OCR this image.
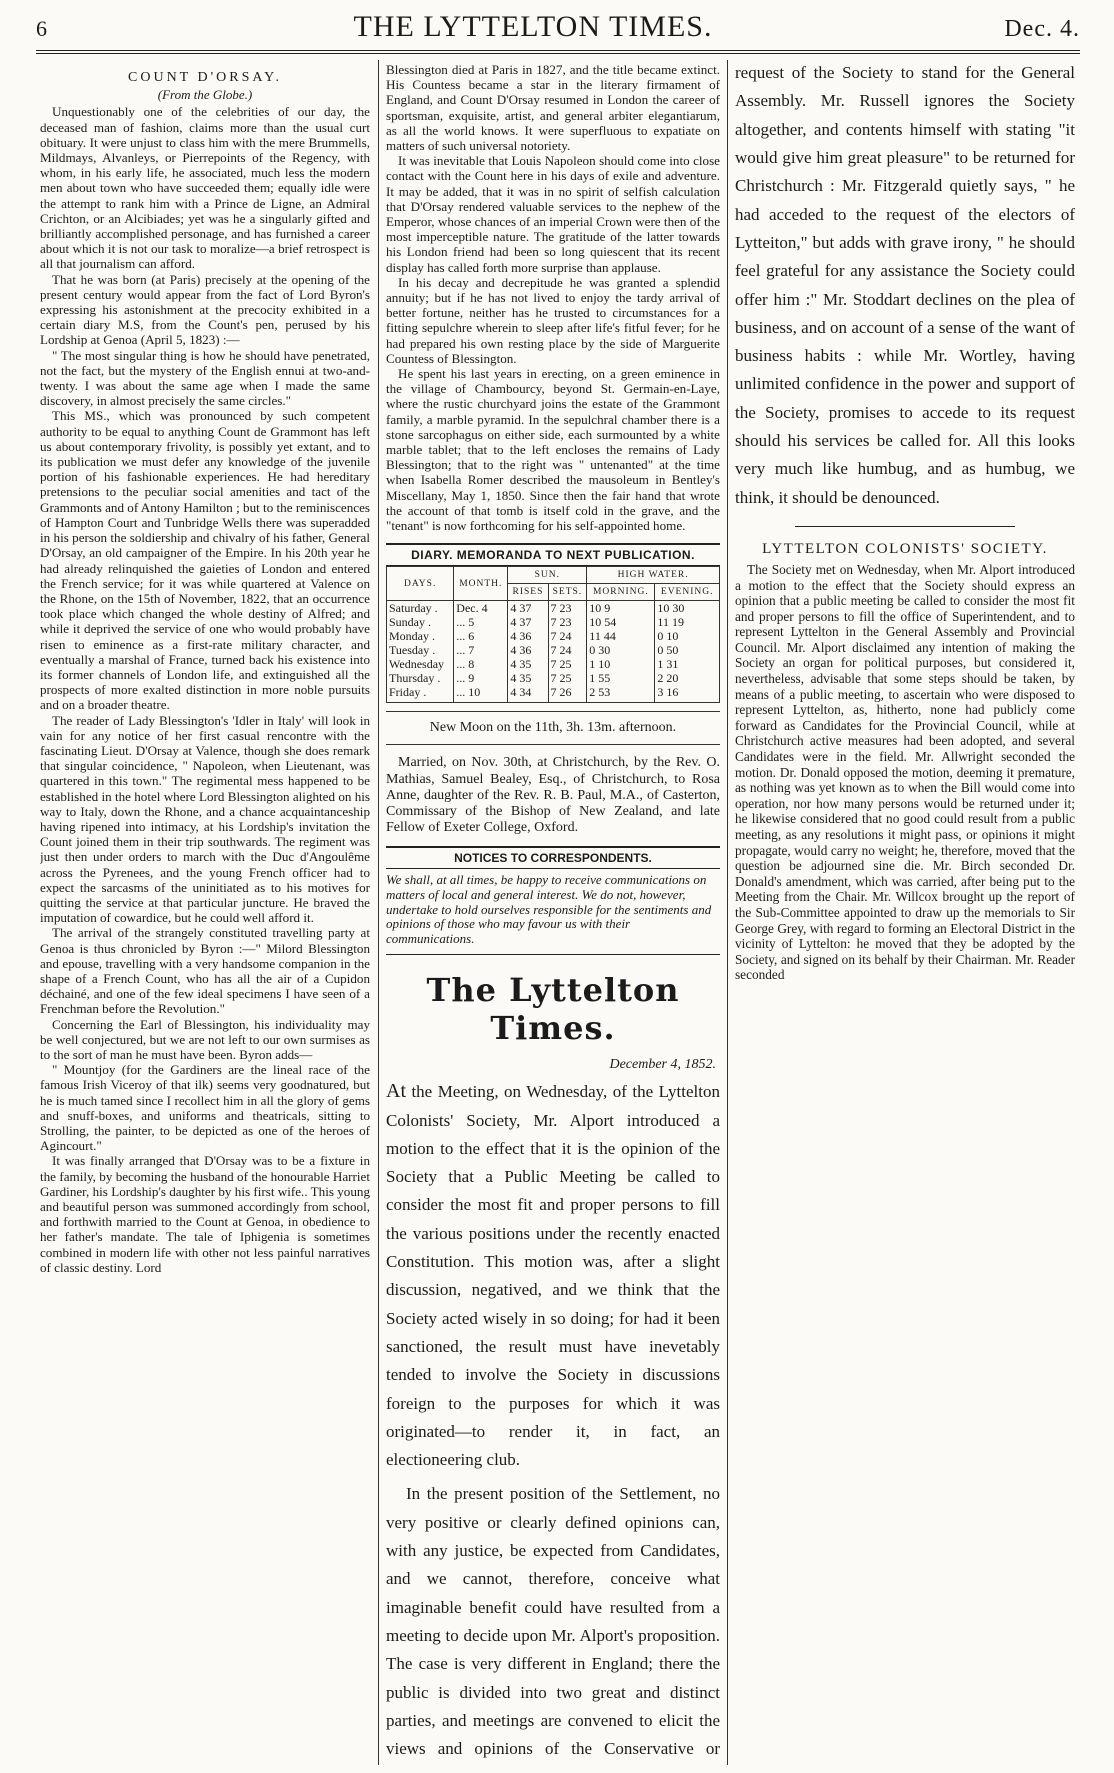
6	THE LYTTELTON TIMES.	Dec. 4.
COUNT D'ORSAY.
(From the Globe.)

Unquestionably one of the celebrities of our day, the deceased man of fashion, claims more than the usual curt obituary. It were unjust to class him with the mere Brummells, Mildmays, Alvanleys, or Pierrepoints of the Regency, with whom, in his early life, he associated, much less the modern men about town who have succeeded them; equally idle were the attempt to rank him with a Prince de Ligne, an Admiral Crichton, or an Alcibiades; yet was he a singularly gifted and brilliantly accomplished personage, and has furnished a career about which it is not our task to moralize—a brief retrospect is all that journalism can afford.

That he was born (at Paris) precisely at the opening of the present century would appear from the fact of Lord Byron's expressing his astonishment at the precocity exhibited in a certain diary M.S, from the Count's pen, perused by his Lordship at Genoa (April 5, 1823) :—

" The most singular thing is how he should have penetrated, not the fact, but the mystery of the English ennui at two-and-twenty. I was about the same age when I made the same discovery, in almost precisely the same circles."

This MS., which was pronounced by such competent authority to be equal to anything Count de Grammont has left us about contemporary frivolity, is possibly yet extant, and to its publication we must defer any knowledge of the juvenile portion of his fashionable experiences. He had hereditary pretensions to the peculiar social amenities and tact of the Grammonts and of Antony Hamilton ; but to the reminiscences of Hampton Court and Tunbridge Wells there was superadded in his person the soldiership and chivalry of his father, General D'Orsay, an old campaigner of the Empire. In his 20th year he had already relinquished the gaieties of London and entered the French service; for it was while quartered at Valence on the Rhone, on the 15th of November, 1822, that an occurrence took place which changed the whole destiny of Alfred; and while it deprived the service of one who would probably have risen to eminence as a first-rate military character, and eventually a marshal of France, turned back his existence into its former channels of London life, and extinguished all the prospects of more exalted distinction in more noble pursuits and on a broader theatre.

The reader of Lady Blessington's 'Idler in Italy' will look in vain for any notice of her first casual rencontre with the fascinating Lieut. D'Orsay at Valence, though she does remark that singular coincidence, " Napoleon, when Lieutenant, was quartered in this town." The regimental mess happened to be established in the hotel where Lord Blessington alighted on his way to Italy, down the Rhone, and a chance acquaintanceship having ripened into intimacy, at his Lordship's invitation the Count joined them in their trip southwards. The regiment was just then under orders to march with the Duc d'Angoulême across the Pyrenees, and the young French officer had to expect the sarcasms of the uninitiated as to his motives for quitting the service at that particular juncture. He braved the imputation of cowardice, but he could well afford it.

The arrival of the strangely constituted travelling party at Genoa is thus chronicled by Byron :—" Milord Blessington and epouse, travelling with a very handsome companion in the shape of a French Count, who has all the air of a Cupidon déchainé, and one of the few ideal specimens I have seen of a Frenchman before the Revolution."

Concerning the Earl of Blessington, his individuality may be well conjectured, but we are not left to our own surmises as to the sort of man he must have been. Byron adds—

" Mountjoy (for the Gardiners are the lineal race of the famous Irish Viceroy of that ilk) seems very goodnatured, but he is much tamed since I recollect him in all the glory of gems and snuff-boxes, and uniforms and theatricals, sitting to Strolling, the painter, to be depicted as one of the heroes of Agincourt."

It was finally arranged that D'Orsay was to be a fixture in the family, by becoming the husband of the honourable Harriet Gardiner, his Lordship's daughter by his first wife.. This young and beautiful person was summoned accordingly from school, and forthwith married to the Count at Genoa, in obedience to her father's mandate. The tale of Iphigenia is sometimes combined in modern life with other not less painful narratives of classic destiny. Lord

Blessington died at Paris in 1827, and the title became extinct. His Countess became a star in the literary firmament of England, and Count D'Orsay resumed in London the career of sportsman, exquisite, artist, and general arbiter elegantiarum, as all the world knows. It were superfluous to expatiate on matters of such universal notoriety.

It was inevitable that Louis Napoleon should come into close contact with the Count here in his days of exile and adventure. It may be added, that it was in no spirit of selfish calculation that D'Orsay rendered valuable services to the nephew of the Emperor, whose chances of an imperial Crown were then of the most imperceptible nature. The gratitude of the latter towards his London friend had been so long quiescent that its recent display has called forth more surprise than applause.

In his decay and decrepitude he was granted a splendid annuity; but if he has not lived to enjoy the tardy arrival of better fortune, neither has he trusted to circumstances for a fitting sepulchre wherein to sleep after life's fitful fever; for he had prepared his own resting place by the side of Marguerite Countess of Blessington.

He spent his last years in erecting, on a green eminence in the village of Chambourcy, beyond St. Germain-en-Laye, where the rustic churchyard joins the estate of the Grammont family, a marble pyramid. In the sepulchral chamber there is a stone sarcophagus on either side, each surmounted by a white marble tablet; that to the left encloses the remains of Lady Blessington; that to the right was " untenanted" at the time when Isabella Romer described the mausoleum in Bentley's Miscellany, May 1, 1850. Since then the fair hand that wrote the account of that tomb is itself cold in the grave, and the "tenant" is now forthcoming for his self-appointed home.

DIARY. MEMORANDA TO NEXT PUBLICATION.
DAYS.	MONTH.	SUN.		HIGH WATER.	
		RISES	SETS.	MORNING.	EVENING.
Saturday .	Dec. 4	4 37	7 23	10 9	10 30
Sunday .	... 5	4 37	7 23	10 54	11 19
Monday .	... 6	4 36	7 24	11 44	0 10
Tuesday .	... 7	4 36	7 24	0 30	0 50
Wednesday	... 8	4 35	7 25	1 10	1 31
Thursday .	... 9	4 35	7 25	1 55	2 20
Friday .	... 10	4 34	7 26	2 53	3 16
New Moon on the 11th, 3h. 13m. afternoon.

Married, on Nov. 30th, at Christchurch, by the Rev. O. Mathias, Samuel Bealey, Esq., of Christchurch, to Rosa Anne, daughter of the Rev. R. B. Paul, M.A., of Casterton, Commissary of the Bishop of New Zealand, and late Fellow of Exeter College, Oxford.

NOTICES TO CORRESPONDENTS.
We shall, at all times, be happy to receive communications on matters of local and general interest. We do not, however, undertake to hold ourselves responsible for the sentiments and opinions of those who may favour us with their communications.
The Lyttelton Times.
December 4, 1852.

At the Meeting, on Wednesday, of the Lyttelton Colonists' Society, Mr. Alport introduced a motion to the effect that it is the opinion of the Society that a Public Meeting be called to consider the most fit and proper persons to fill the various positions under the recently enacted Constitution. This motion was, after a slight discussion, negatived, and we think that the Society acted wisely in so doing; for had it been sanctioned, the result must have inevetably tended to involve the Society in discussions foreign to the purposes for which it was originated—to render it, in fact, an electioneering club.

In the present position of the Settlement, no very positive or clearly defined opinions can, with any justice, be expected from Candidates, and we cannot, therefore, conceive what imaginable benefit could have resulted from a meeting to decide upon Mr. Alport's proposition. The case is very different in England; there the public is divided into two great and distinct parties, and meetings are convened to elicit the views and opinions of the Conservative or

request of the Society to stand for the General Assembly. Mr. Russell ignores the Society altogether, and contents himself with stating "it would give him great pleasure" to be returned for Christchurch : Mr. Fitzgerald quietly says, " he had acceded to the request of the electors of Lytteiton," but adds with grave irony, " he should feel grateful for any assistance the Society could offer him :" Mr. Stoddart declines on the plea of business, and on account of a sense of the want of business habits : while Mr. Wortley, having unlimited confidence in the power and support of the Society, promises to accede to its request should his services be called for. All this looks very much like humbug, and as humbug, we think, it should be denounced.

LYTTELTON COLONISTS' SOCIETY.

The Society met on Wednesday, when Mr. Alport introduced a motion to the effect that the Society should express an opinion that a public meeting be called to consider the most fit and proper persons to fill the office of Superintendent, and to represent Lyttelton in the General Assembly and Provincial Council. Mr. Alport disclaimed any intention of making the Society an organ for political purposes, but considered it, nevertheless, advisable that some steps should be taken, by means of a public meeting, to ascertain who were disposed to represent Lyttelton, as, hitherto, none had publicly come forward as Candidates for the Provincial Council, while at Christchurch active measures had been adopted, and several Candidates were in the field. Mr. Allwright seconded the motion. Dr. Donald opposed the motion, deeming it premature, as nothing was yet known as to when the Bill would come into operation, nor how many persons would be returned under it; he likewise considered that no good could result from a public meeting, as any resolutions it might pass, or opinions it might propagate, would carry no weight; he, therefore, moved that the question be adjourned sine die. Mr. Birch seconded Dr. Donald's amendment, which was carried, after being put to the Meeting from the Chair. Mr. Willcox brought up the report of the Sub-Committee appointed to draw up the memorials to Sir George Grey, with regard to forming an Electoral District in the vicinity of Lyttelton: he moved that they be adopted by the Society, and signed on its behalf by their Chairman. Mr. Reader seconded
